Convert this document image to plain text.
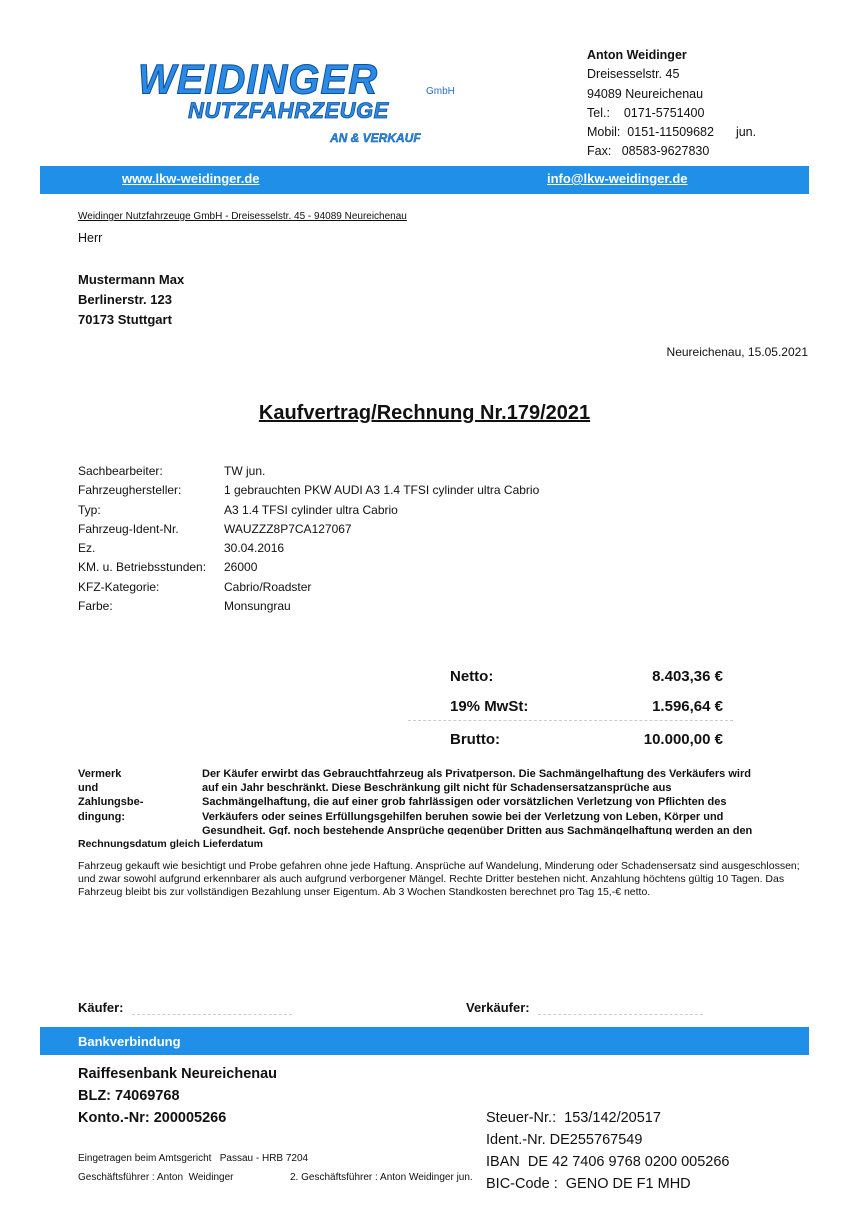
WEIDINGER	GmbH
NUTZFAHRZEUGE
AN & VERKAUF
Anton Weidinger
Dreisesselstr. 45
94089 Neureichenau
Tel.:    0171-5751400
Mobil:  0151-11509682 jun.
Fax:   08583-9627830
www.lkw-weidinger.de	info@lkw-weidinger.de
Weidinger Nutzfahrzeuge GmbH - Dreisesselstr. 45 - 94089 Neureichenau
Herr
Mustermann Max
Berlinerstr. 123
70173 Stuttgart
Neureichenau, 15.05.2021
Kaufvertrag/Rechnung Nr.179/2021
Sachbearbeiter:	TW jun.
Fahrzeughersteller:	1 gebrauchten PKW AUDI A3 1.4 TFSI cylinder ultra Cabrio
Typ:	A3 1.4 TFSI cylinder ultra Cabrio
Fahrzeug-Ident-Nr.	WAUZZZ8P7CA127067
Ez.	30.04.2016
KM. u. Betriebsstunden: 26000
KFZ-Kategorie:	Cabrio/Roadster
Farbe:	Monsungrau
Netto:	8.403,36 €
19% MwSt:	1.596,64 €
Brutto:	10.000,00 €
Vermerk
und
Zahlungsbe-
dingung:
Der Käufer erwirbt das Gebrauchtfahrzeug als Privatperson. Die Sachmängelhaftung des Verkäufers wird
auf ein Jahr beschränkt. Diese Beschränkung gilt nicht für Schadensersatzansprüche aus
Sachmängelhaftung, die auf einer grob fahrlässigen oder vorsätzlichen Verletzung von Pflichten des
Verkäufers oder seines Erfüllungsgehilfen beruhen sowie bei der Verletzung von Leben, Körper und
Gesundheit. Ggf. noch bestehende Ansprüche gegenüber Dritten aus Sachmängelhaftung werden an den
Rechnungsdatum gleich Lieferdatum
Fahrzeug gekauft wie besichtigt und Probe gefahren ohne jede Haftung. Ansprüche auf Wandelung, Minderung oder Schadensersatz sind ausgeschlossen; und zwar sowohl aufgrund erkennbarer als auch aufgrund verborgener Mängel. Rechte Dritter bestehen nicht. Anzahlung höchtens gültig 10 Tagen. Das Fahrzeug bleibt bis zur vollständigen Bezahlung unser Eigentum. Ab 3 Wochen Standkosten berechnet pro Tag 15,-€ netto.
Käufer:	Verkäufer:
Bankverbindung
Raiffesenbank Neureichenau
BLZ: 74069768
Konto.-Nr: 200005266

	Steuer-Nr.:  153/142/20517
Ident.-Nr. DE255767549
IBAN  DE 42 7406 9768 0200 005266
BIC-Code :  GENO DE F1 MHD

Eingetragen beim Amtsgericht   Passau - HRB 7204
Geschäftsführer : Anton  Weidinger	2. Geschäftsführer : Anton Weidinger jun.
